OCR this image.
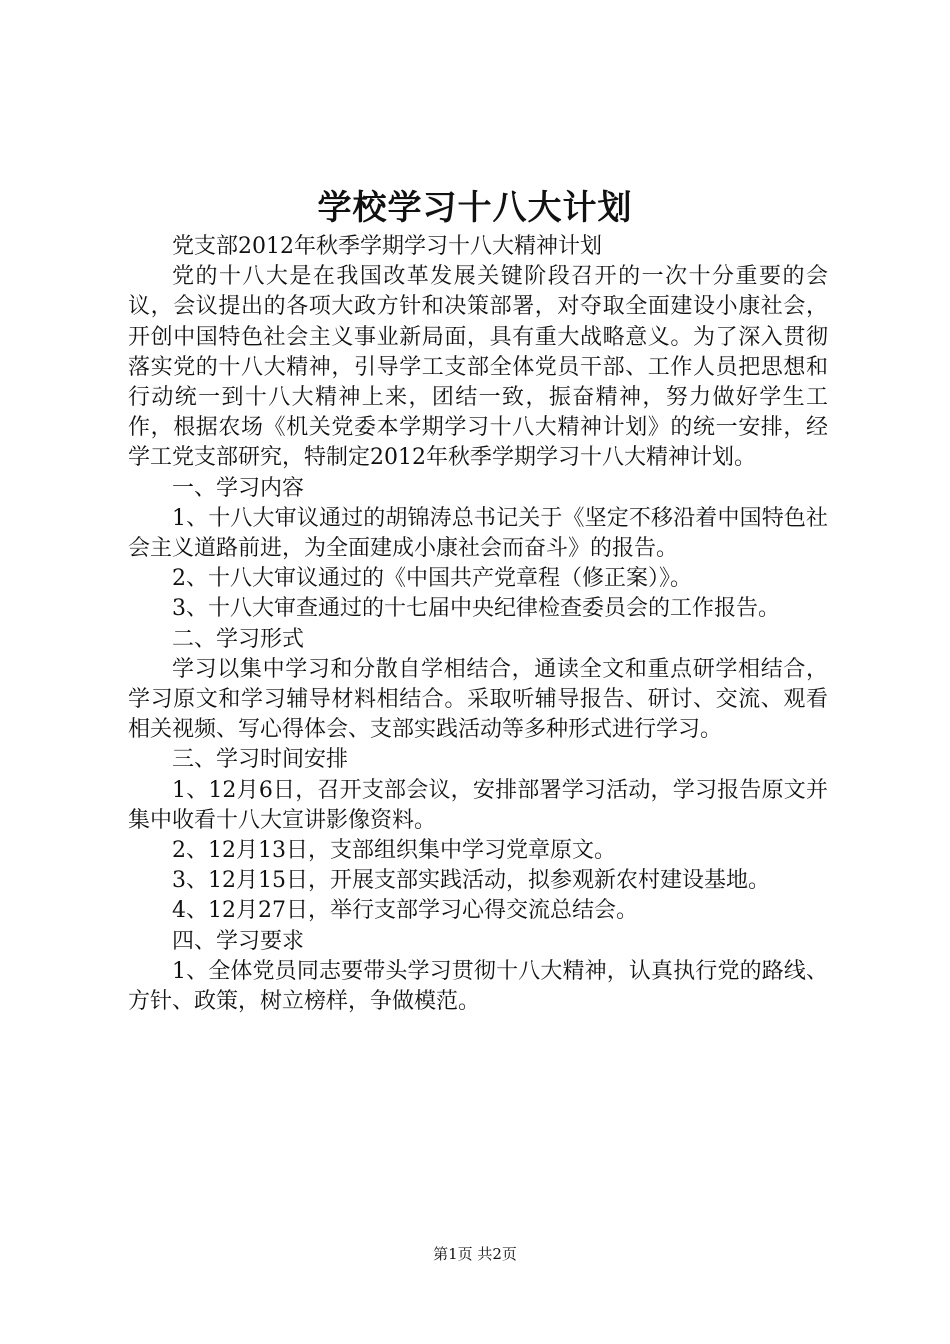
学校学习十八大计划

党支部2012年秋季学期学习十八大精神计划

党的十八大是在我国改革发展关键阶段召开的一次十分重要的会议，会议提出的各项大政方针和决策部署，对夺取全面建设小康社会，开创中国特色社会主义事业新局面，具有重大战略意义。为了深入贯彻落实党的十八大精神，引导学工支部全体党员干部、工作人员把思想和行动统一到十八大精神上来，团结一致，振奋精神，努力做好学生工作，根据农场《机关党委本学期学习十八大精神计划》的统一安排，经学工党支部研究，特制定2012年秋季学期学习十八大精神计划。

一、学习内容

1、十八大审议通过的胡锦涛总书记关于《坚定不移沿着中国特色社会主义道路前进，为全面建成小康社会而奋斗》的报告。

2、十八大审议通过的《中国共产党章程（修正案）》。

3、十八大审查通过的十七届中央纪律检查委员会的工作报告。

二、学习形式

学习以集中学习和分散自学相结合，通读全文和重点研学相结合，学习原文和学习辅导材料相结合。采取听辅导报告、研讨、交流、观看相关视频、写心得体会、支部实践活动等多种形式进行学习。

三、学习时间安排

1、12月6日，召开支部会议，安排部署学习活动，学习报告原文并集中收看十八大宣讲影像资料。

2、12月13日，支部组织集中学习党章原文。

3、12月15日，开展支部实践活动，拟参观新农村建设基地。

4、12月27日，举行支部学习心得交流总结会。

四、学习要求

1、全体党员同志要带头学习贯彻十八大精神，认真执行党的路线、方针、政策，树立榜样，争做模范。

第1页 共2页
